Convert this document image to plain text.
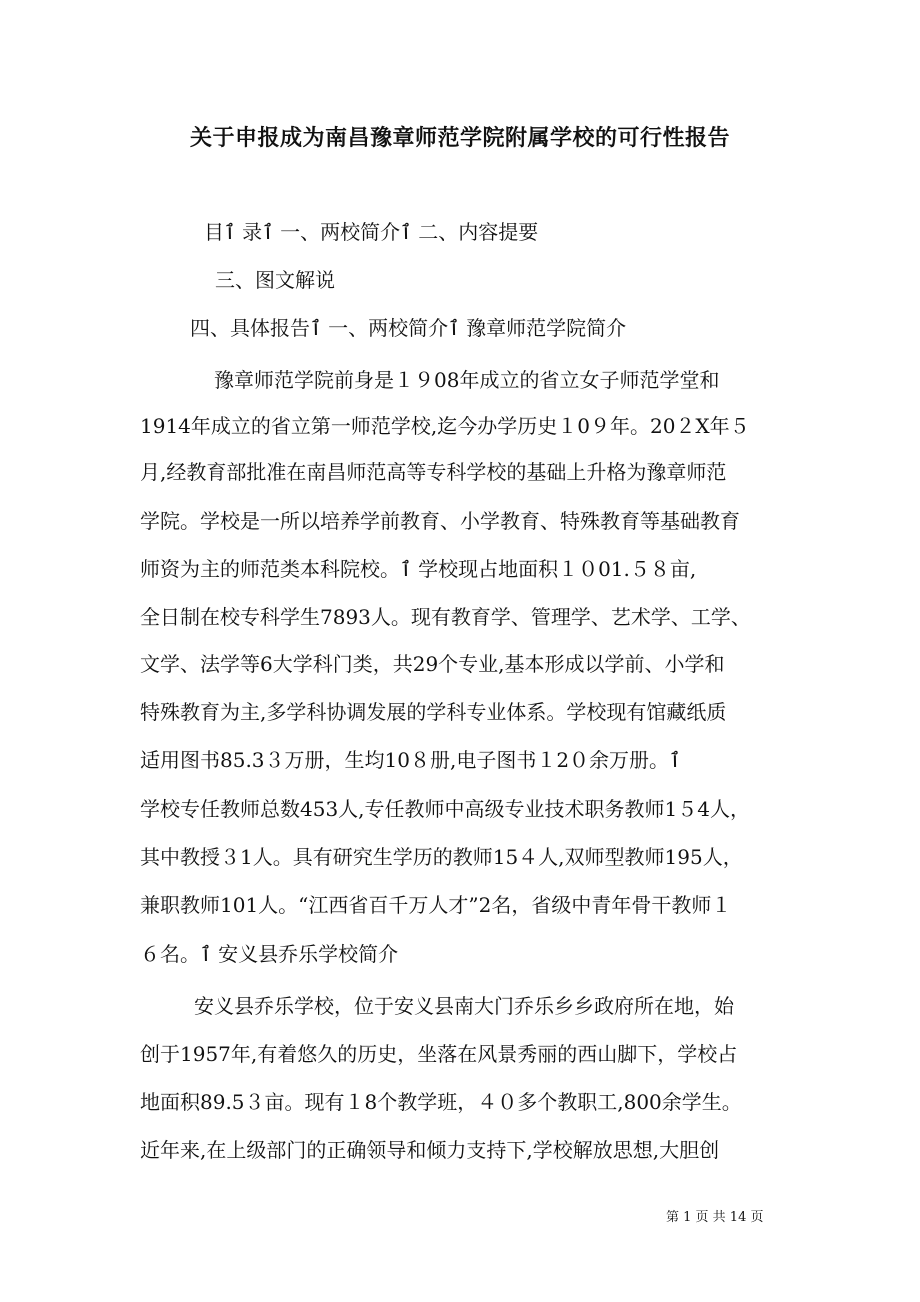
关于申报成为南昌豫章师范学院附属学校的可行性报告
目ٱ 录ٱ 一、两校简介ٱ 二、内容提要
三、图文解说
四、具体报告ٱ 一、两校简介ٱ 豫章师范学院简介
豫章师范学院前身是１９08年成立的省立女子师范学堂和
1914年成立的省立第一师范学校,迄今办学历史１0９年。20２X年５
月,经教育部批准在南昌师范高等专科学校的基础上升格为豫章师范
学院。学校是一所以培养学前教育、小学教育、特殊教育等基础教育
师资为主的师范类本科院校。ٱ 学校现占地面积１０01.５８亩,
全日制在校专科学生7893人。现有教育学、管理学、艺术学、工学、
文学、法学等6大学科门类，共29个专业,基本形成以学前、小学和
特殊教育为主,多学科协调发展的学科专业体系。学校现有馆藏纸质
适用图书85.3３万册，生均10８册,电子图书１2０余万册。ٱ
学校专任教师总数453人,专任教师中高级专业技术职务教师1５4人，
其中教授３1人。具有研究生学历的教师15４人,双师型教师195人，
兼职教师101人。“江西省百千万人才”2名，省级中青年骨干教师１
６名。ٱ 安义县乔乐学校简介
安义县乔乐学校，位于安义县南大门乔乐乡乡政府所在地，始
创于1957年,有着悠久的历史，坐落在风景秀丽的西山脚下，学校占
地面积89.5３亩。现有１8个教学班，４０多个教职工,800余学生。
近年来,在上级部门的正确领导和倾力支持下,学校解放思想,大胆创
第 1 页 共 14 页
